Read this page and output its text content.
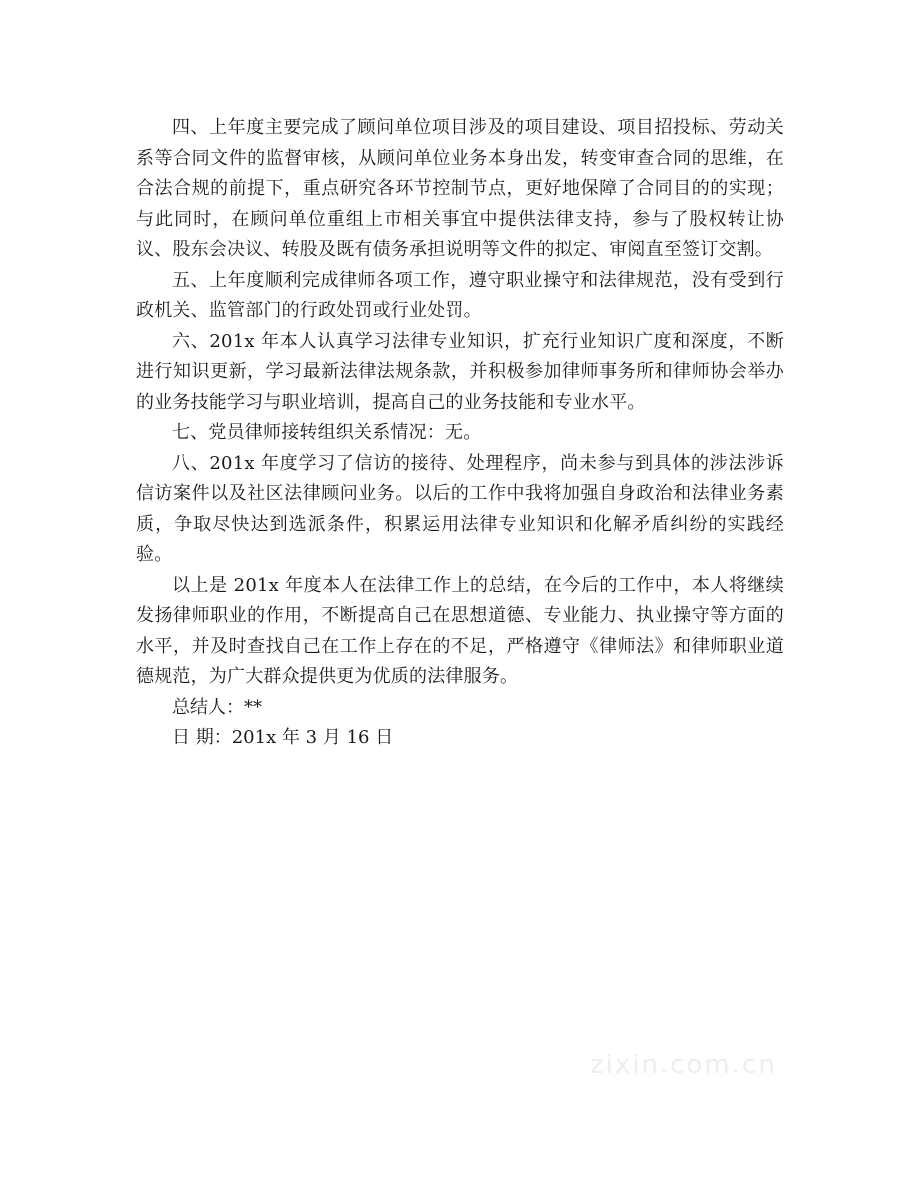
四、上年度主要完成了顾问单位项目涉及的项目建设、项目招投标、劳动关系等合同文件的监督审核，从顾问单位业务本身出发，转变审查合同的思维，在合法合规的前提下，重点研究各环节控制节点，更好地保障了合同目的的实现；与此同时，在顾问单位重组上市相关事宜中提供法律支持，参与了股权转让协议、股东会决议、转股及既有债务承担说明等文件的拟定、审阅直至签订交割。

五、上年度顺利完成律师各项工作，遵守职业操守和法律规范，没有受到行政机关、监管部门的行政处罚或行业处罚。

六、201x 年本人认真学习法律专业知识，扩充行业知识广度和深度，不断进行知识更新，学习最新法律法规条款，并积极参加律师事务所和律师协会举办的业务技能学习与职业培训，提高自己的业务技能和专业水平。

七、党员律师接转组织关系情况：无。

八、201x 年度学习了信访的接待、处理程序，尚未参与到具体的涉法涉诉信访案件以及社区法律顾问业务。以后的工作中我将加强自身政治和法律业务素质，争取尽快达到选派条件，积累运用法律专业知识和化解矛盾纠纷的实践经验。

以上是 201x 年度本人在法律工作上的总结，在今后的工作中，本人将继续发扬律师职业的作用，不断提高自己在思想道德、专业能力、执业操守等方面的水平，并及时查找自己在工作上存在的不足，严格遵守《律师法》和律师职业道德规范，为广大群众提供更为优质的法律服务。

总结人：**

日 期：201x 年 3 月 16 日

zixin.com.cn
